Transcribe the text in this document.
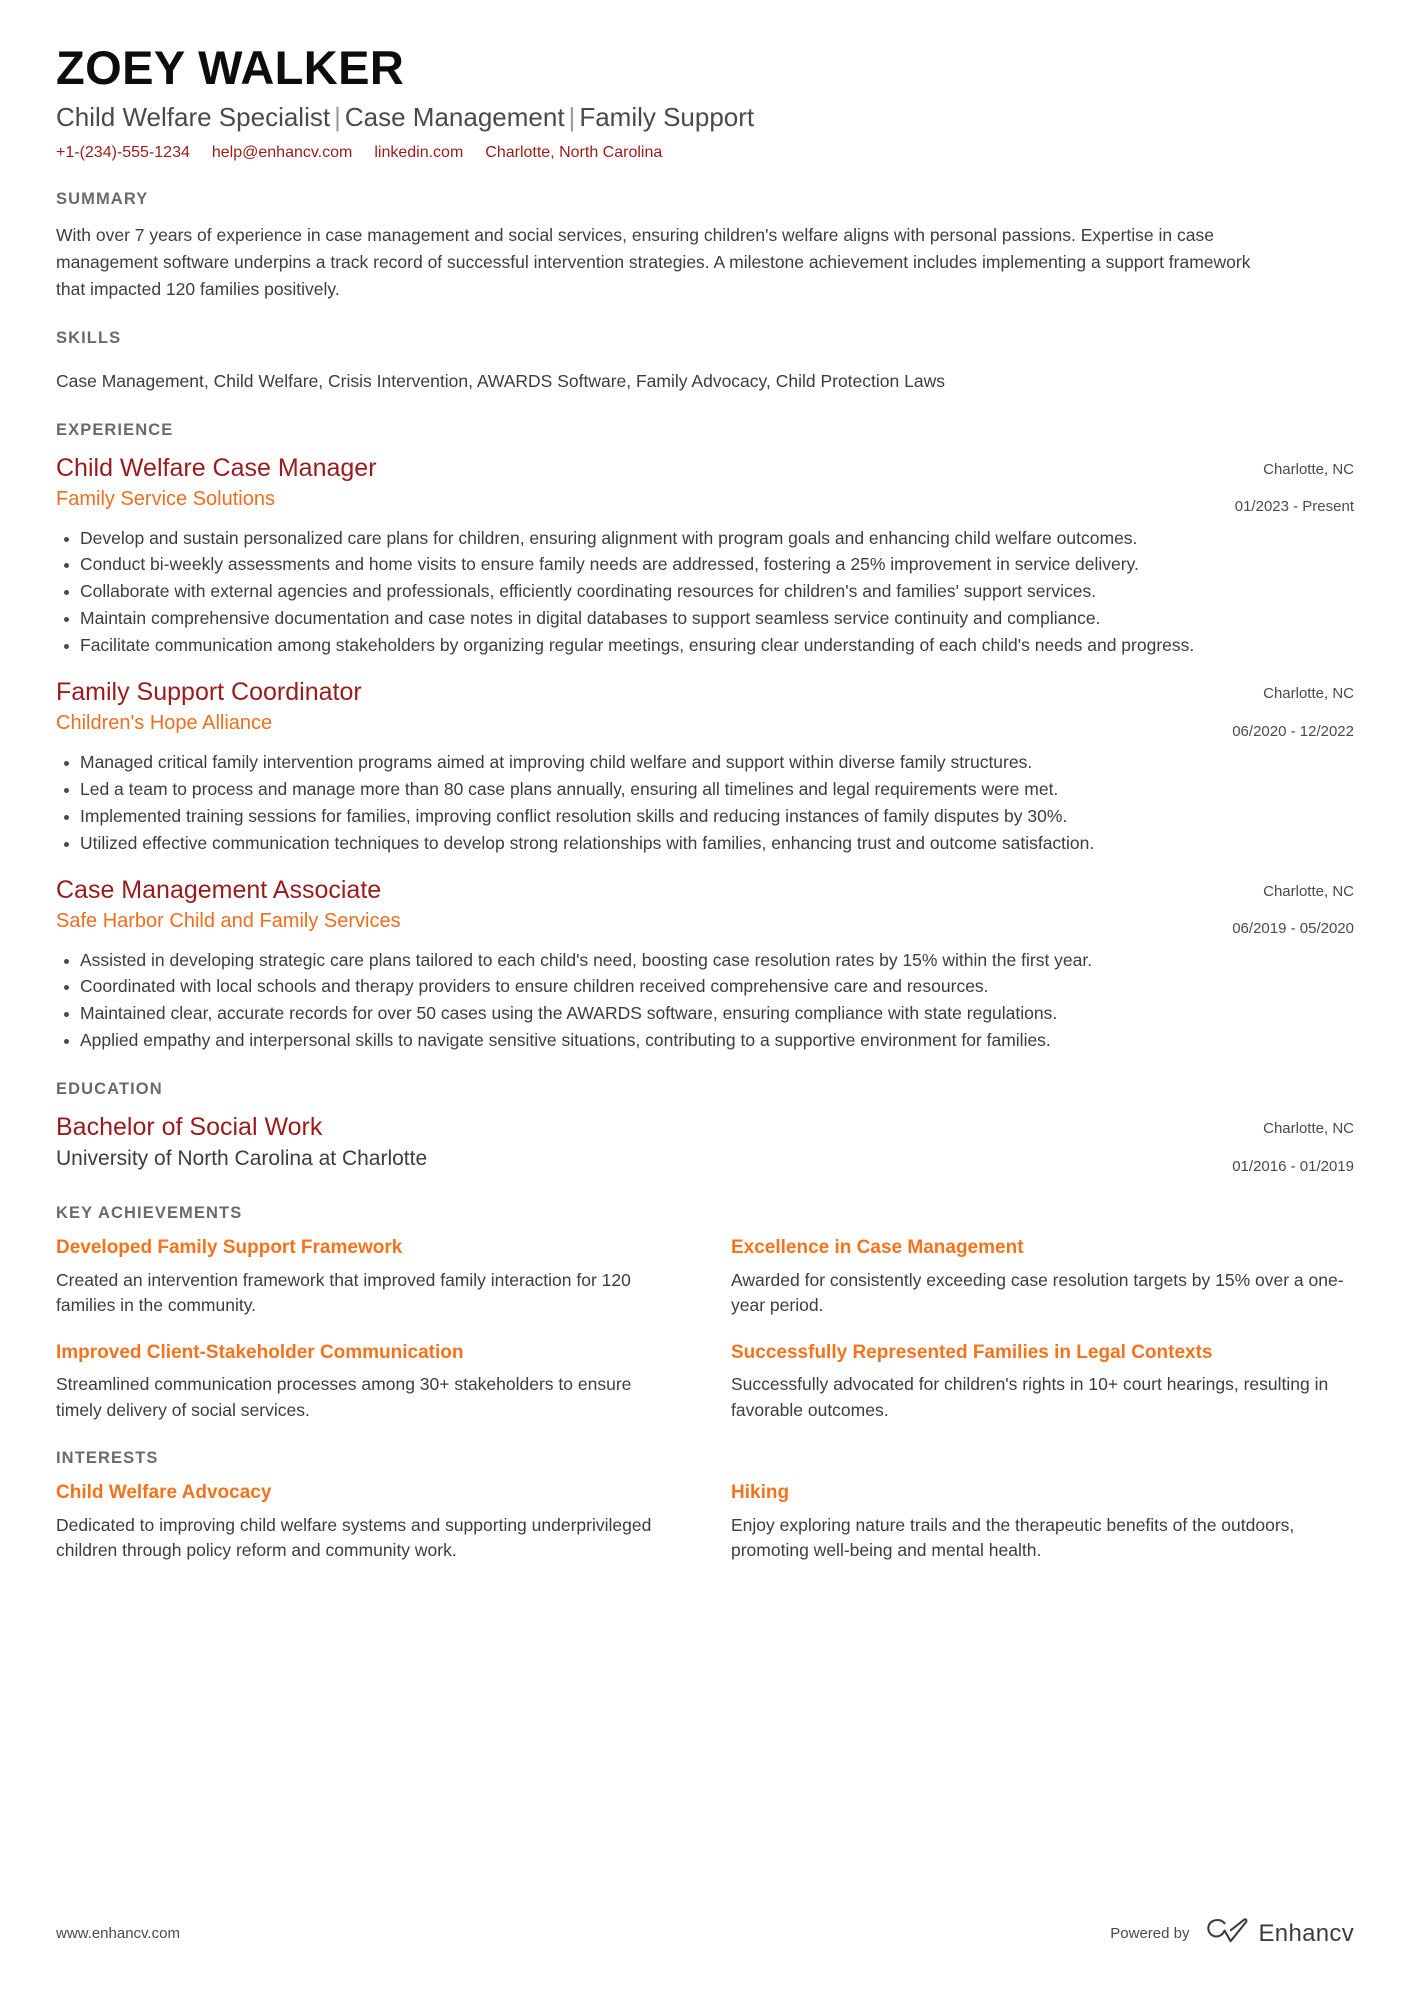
ZOEY WALKER
Child Welfare Specialist | Case Management | Family Support
+1-(234)-555-1234 help@enhancv.com linkedin.com Charlotte, North Carolina
SUMMARY
With over 7 years of experience in case management and social services, ensuring children's welfare aligns with personal passions. Expertise in case management software underpins a track record of successful intervention strategies. A milestone achievement includes implementing a support framework that impacted 120 families positively.
SKILLS
Case Management, Child Welfare, Crisis Intervention, AWARDS Software, Family Advocacy, Child Protection Laws
EXPERIENCE
Child Welfare Case Manager
Family Service Solutions
Charlotte, NC
01/2023 - Present
Develop and sustain personalized care plans for children, ensuring alignment with program goals and enhancing child welfare outcomes.
Conduct bi-weekly assessments and home visits to ensure family needs are addressed, fostering a 25% improvement in service delivery.
Collaborate with external agencies and professionals, efficiently coordinating resources for children's and families' support services.
Maintain comprehensive documentation and case notes in digital databases to support seamless service continuity and compliance.
Facilitate communication among stakeholders by organizing regular meetings, ensuring clear understanding of each child's needs and progress.
Family Support Coordinator
Children's Hope Alliance
Charlotte, NC
06/2020 - 12/2022
Managed critical family intervention programs aimed at improving child welfare and support within diverse family structures.
Led a team to process and manage more than 80 case plans annually, ensuring all timelines and legal requirements were met.
Implemented training sessions for families, improving conflict resolution skills and reducing instances of family disputes by 30%.
Utilized effective communication techniques to develop strong relationships with families, enhancing trust and outcome satisfaction.
Case Management Associate
Safe Harbor Child and Family Services
Charlotte, NC
06/2019 - 05/2020
Assisted in developing strategic care plans tailored to each child's need, boosting case resolution rates by 15% within the first year.
Coordinated with local schools and therapy providers to ensure children received comprehensive care and resources.
Maintained clear, accurate records for over 50 cases using the AWARDS software, ensuring compliance with state regulations.
Applied empathy and interpersonal skills to navigate sensitive situations, contributing to a supportive environment for families.
EDUCATION
Bachelor of Social Work
University of North Carolina at Charlotte
Charlotte, NC
01/2016 - 01/2019
KEY ACHIEVEMENTS
Developed Family Support Framework
Created an intervention framework that improved family interaction for 120 families in the community.
Excellence in Case Management
Awarded for consistently exceeding case resolution targets by 15% over a one-year period.
Improved Client-Stakeholder Communication
Streamlined communication processes among 30+ stakeholders to ensure timely delivery of social services.
Successfully Represented Families in Legal Contexts
Successfully advocated for children's rights in 10+ court hearings, resulting in favorable outcomes.
INTERESTS
Child Welfare Advocacy
Dedicated to improving child welfare systems and supporting underprivileged children through policy reform and community work.
Hiking
Enjoy exploring nature trails and the therapeutic benefits of the outdoors, promoting well-being and mental health.
www.enhancv.com	Powered by	Enhancv
